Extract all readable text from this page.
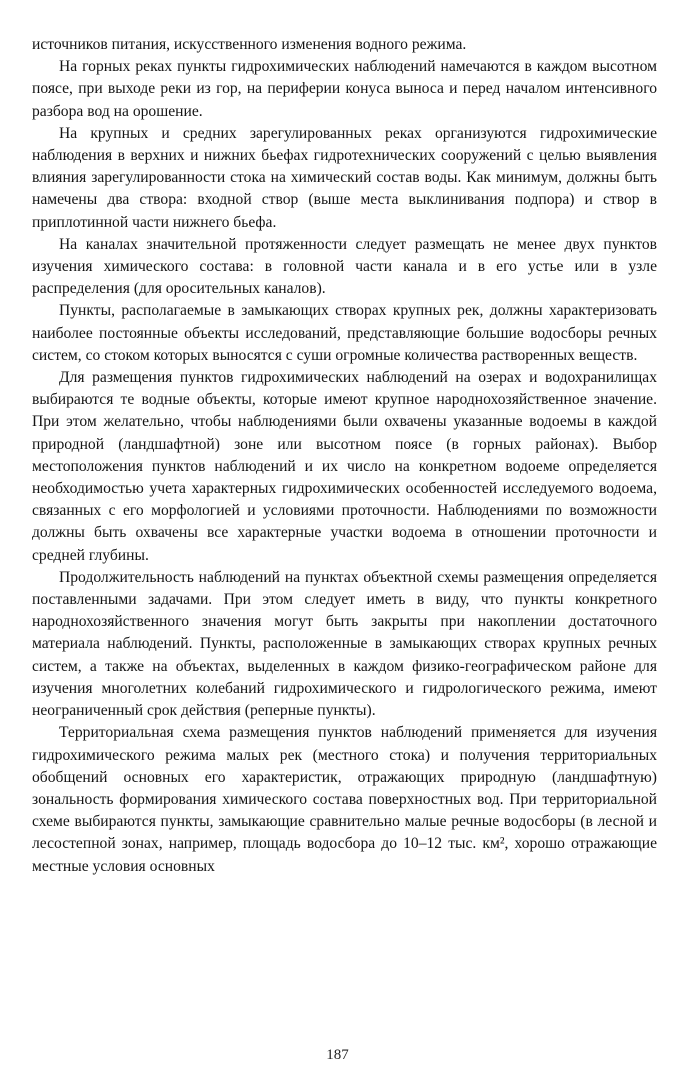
источников питания, искусственного изменения водного режима.

На горных реках пункты гидрохимических наблюдений намечаются в каждом высотном поясе, при выходе реки из гор, на периферии конуса выноса и перед началом интенсивного разбора вод на орошение.

На крупных и средних зарегулированных реках организуются гидрохимические наблюдения в верхних и нижних бьефах гидротехнических сооружений с целью выявления влияния зарегулированности стока на химический состав воды. Как минимум, должны быть намечены два створа: входной створ (выше места выклинивания подпора) и створ в приплотинной части нижнего бьефа.

На каналах значительной протяженности следует размещать не менее двух пунктов изучения химического состава: в головной части канала и в его устье или в узле распределения (для оросительных каналов).

Пункты, располагаемые в замыкающих створах крупных рек, должны характеризовать наиболее постоянные объекты исследований, представляющие большие водосборы речных систем, со стоком которых выносятся с суши огромные количества растворенных веществ.

Для размещения пунктов гидрохимических наблюдений на озерах и водохранилищах выбираются те водные объекты, которые имеют крупное народнохозяйственное значение. При этом желательно, чтобы наблюдениями были охвачены указанные водоемы в каждой природной (ландшафтной) зоне или высотном поясе (в горных районах). Выбор местоположения пунктов наблюдений и их число на конкретном водоеме определяется необходимостью учета характерных гидрохимических особенностей исследуемого водоема, связанных с его морфологией и условиями проточности. Наблюдениями по возможности должны быть охвачены все характерные участки водоема в отношении проточности и средней глубины.

Продолжительность наблюдений на пунктах объектной схемы размещения определяется поставленными задачами. При этом следует иметь в виду, что пункты конкретного народнохозяйственного значения могут быть закрыты при накоплении достаточного материала наблюдений. Пункты, расположенные в замыкающих створах крупных речных систем, а также на объектах, выделенных в каждом физико-географическом районе для изучения многолетних колебаний гидрохимического и гидрологического режима, имеют неограниченный срок действия (реперные пункты).

Территориальная схема размещения пунктов наблюдений применяется для изучения гидрохимического режима малых рек (местного стока) и получения территориальных обобщений основных его характеристик, отражающих природную (ландшафтную) зональность формирования химического состава поверхностных вод. При территориальной схеме выбираются пункты, замыкающие сравнительно малые речные водосборы (в лесной и лесостепной зонах, например, площадь водосбора до 10–12 тыс. км², хорошо отражающие местные условия основных

187
